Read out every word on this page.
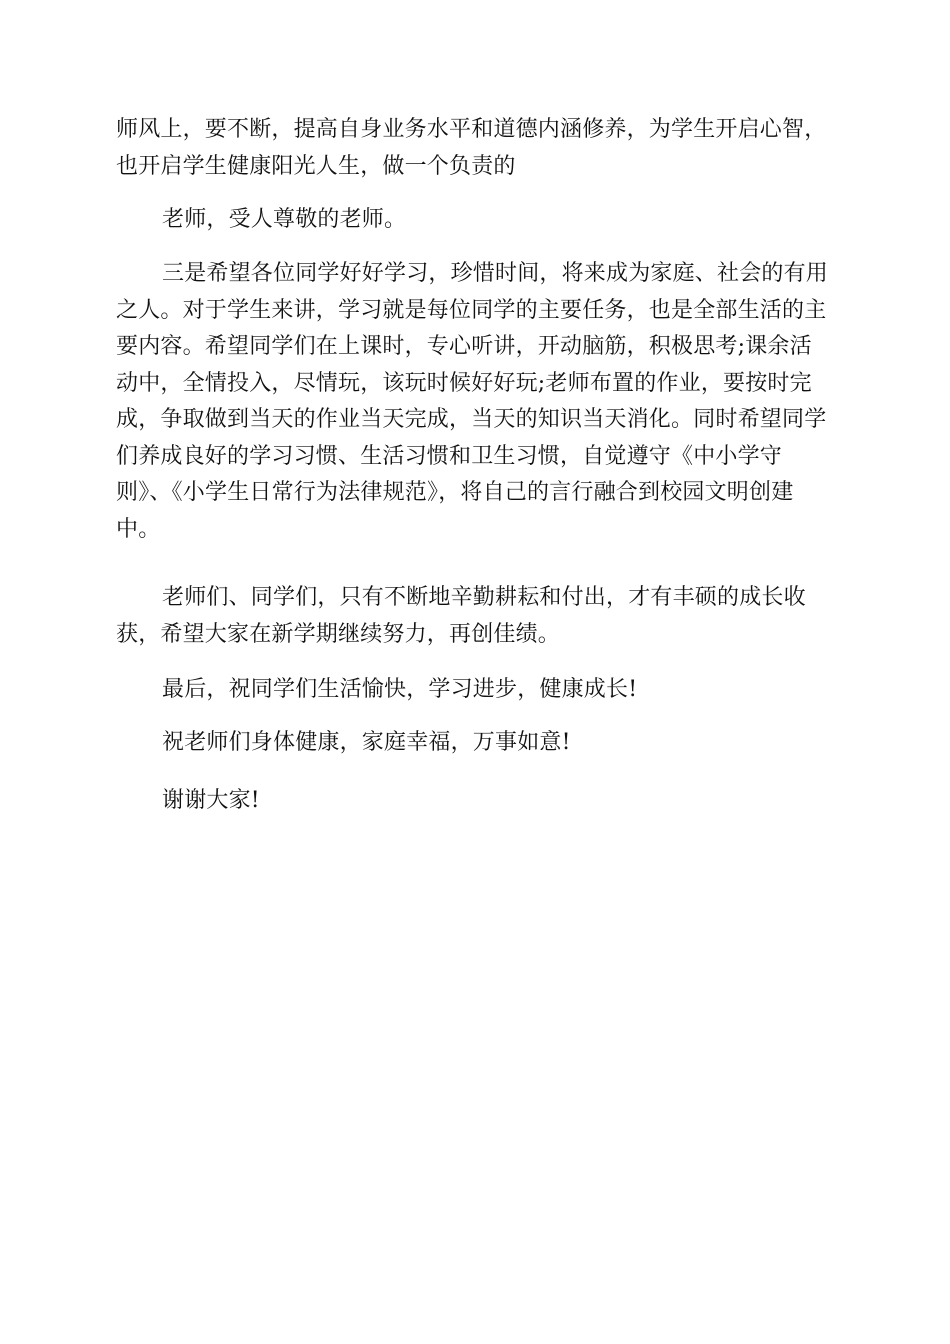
师风上，要不断，提高自身业务水平和道德内涵修养，为学生开启心智，
也开启学生健康阳光人生，做一个负责的
老师，受人尊敬的老师。
三是希望各位同学好好学习，珍惜时间，将来成为家庭、社会的有用
之人。对于学生来讲，学习就是每位同学的主要任务，也是全部生活的主
要内容。希望同学们在上课时，专心听讲，开动脑筋，积极思考;课余活
动中，全情投入，尽情玩，该玩时候好好玩;老师布置的作业，要按时完
成，争取做到当天的作业当天完成，当天的知识当天消化。同时希望同学
们养成良好的学习习惯、生活习惯和卫生习惯，自觉遵守《中小学守
则》、《小学生日常行为法律规范》，将自己的言行融合到校园文明创建
中。
老师们、同学们，只有不断地辛勤耕耘和付出，才有丰硕的成长收
获，希望大家在新学期继续努力，再创佳绩。
最后，祝同学们生活愉快，学习进步，健康成长!
祝老师们身体健康，家庭幸福，万事如意!
谢谢大家!
